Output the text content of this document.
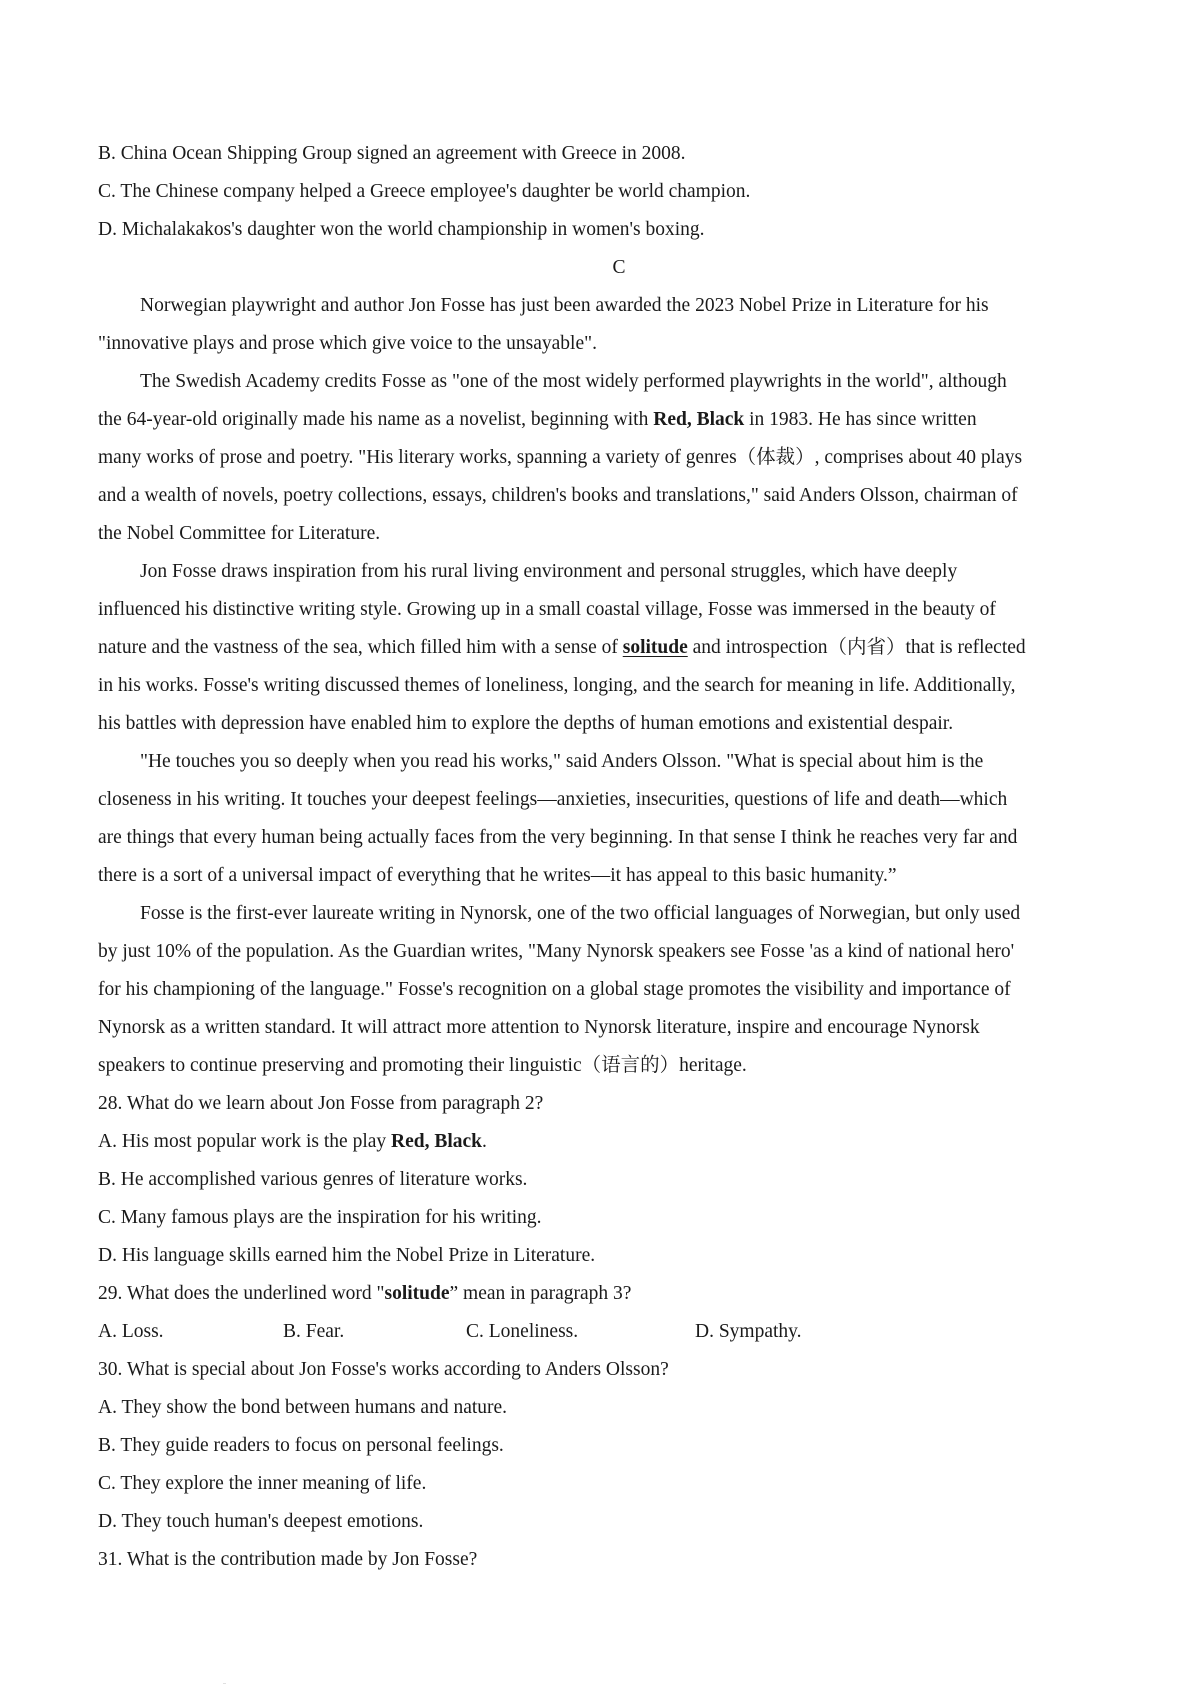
B. China Ocean Shipping Group signed an agreement with Greece in 2008.
C. The Chinese company helped a Greece employee's daughter be world champion.
D. Michalakakos's daughter won the world championship in women's boxing.
C
Norwegian playwright and author Jon Fosse has just been awarded the 2023 Nobel Prize in Literature for his
"innovative plays and prose which give voice to the unsayable".
The Swedish Academy credits Fosse as "one of the most widely performed playwrights in the world", although
the 64-year-old originally made his name as a novelist, beginning with Red, Black in 1983. He has since written
many works of prose and poetry. "His literary works, spanning a variety of genres（体裁）, comprises about 40 plays
and a wealth of novels, poetry collections, essays, children's books and translations," said Anders Olsson, chairman of
the Nobel Committee for Literature.
Jon Fosse draws inspiration from his rural living environment and personal struggles, which have deeply
influenced his distinctive writing style. Growing up in a small coastal village, Fosse was immersed in the beauty of
nature and the vastness of the sea, which filled him with a sense of solitude and introspection（内省）that is reflected
in his works. Fosse's writing discussed themes of loneliness, longing, and the search for meaning in life. Additionally,
his battles with depression have enabled him to explore the depths of human emotions and existential despair.
"He touches you so deeply when you read his works," said Anders Olsson. "What is special about him is the
closeness in his writing. It touches your deepest feelings—anxieties, insecurities, questions of life and death—which
are things that every human being actually faces from the very beginning. In that sense I think he reaches very far and
there is a sort of a universal impact of everything that he writes—it has appeal to this basic humanity.”
Fosse is the first-ever laureate writing in Nynorsk, one of the two official languages of Norwegian, but only used
by just 10% of the population. As the Guardian writes, "Many Nynorsk speakers see Fosse 'as a kind of national hero'
for his championing of the language." Fosse's recognition on a global stage promotes the visibility and importance of
Nynorsk as a written standard. It will attract more attention to Nynorsk literature, inspire and encourage Nynorsk
speakers to continue preserving and promoting their linguistic（语言的）heritage.
28. What do we learn about Jon Fosse from paragraph 2?
A. His most popular work is the play Red, Black.
B. He accomplished various genres of literature works.
C. Many famous plays are the inspiration for his writing.
D. His language skills earned him the Nobel Prize in Literature.
29. What does the underlined word "solitude” mean in paragraph 3?
A. Loss.	B. Fear.	C. Loneliness.	D. Sympathy.
30. What is special about Jon Fosse's works according to Anders Olsson?
A. They show the bond between humans and nature.
B. They guide readers to focus on personal feelings.
C. They explore the inner meaning of life.
D. They touch human's deepest emotions.
31. What is the contribution made by Jon Fosse?
